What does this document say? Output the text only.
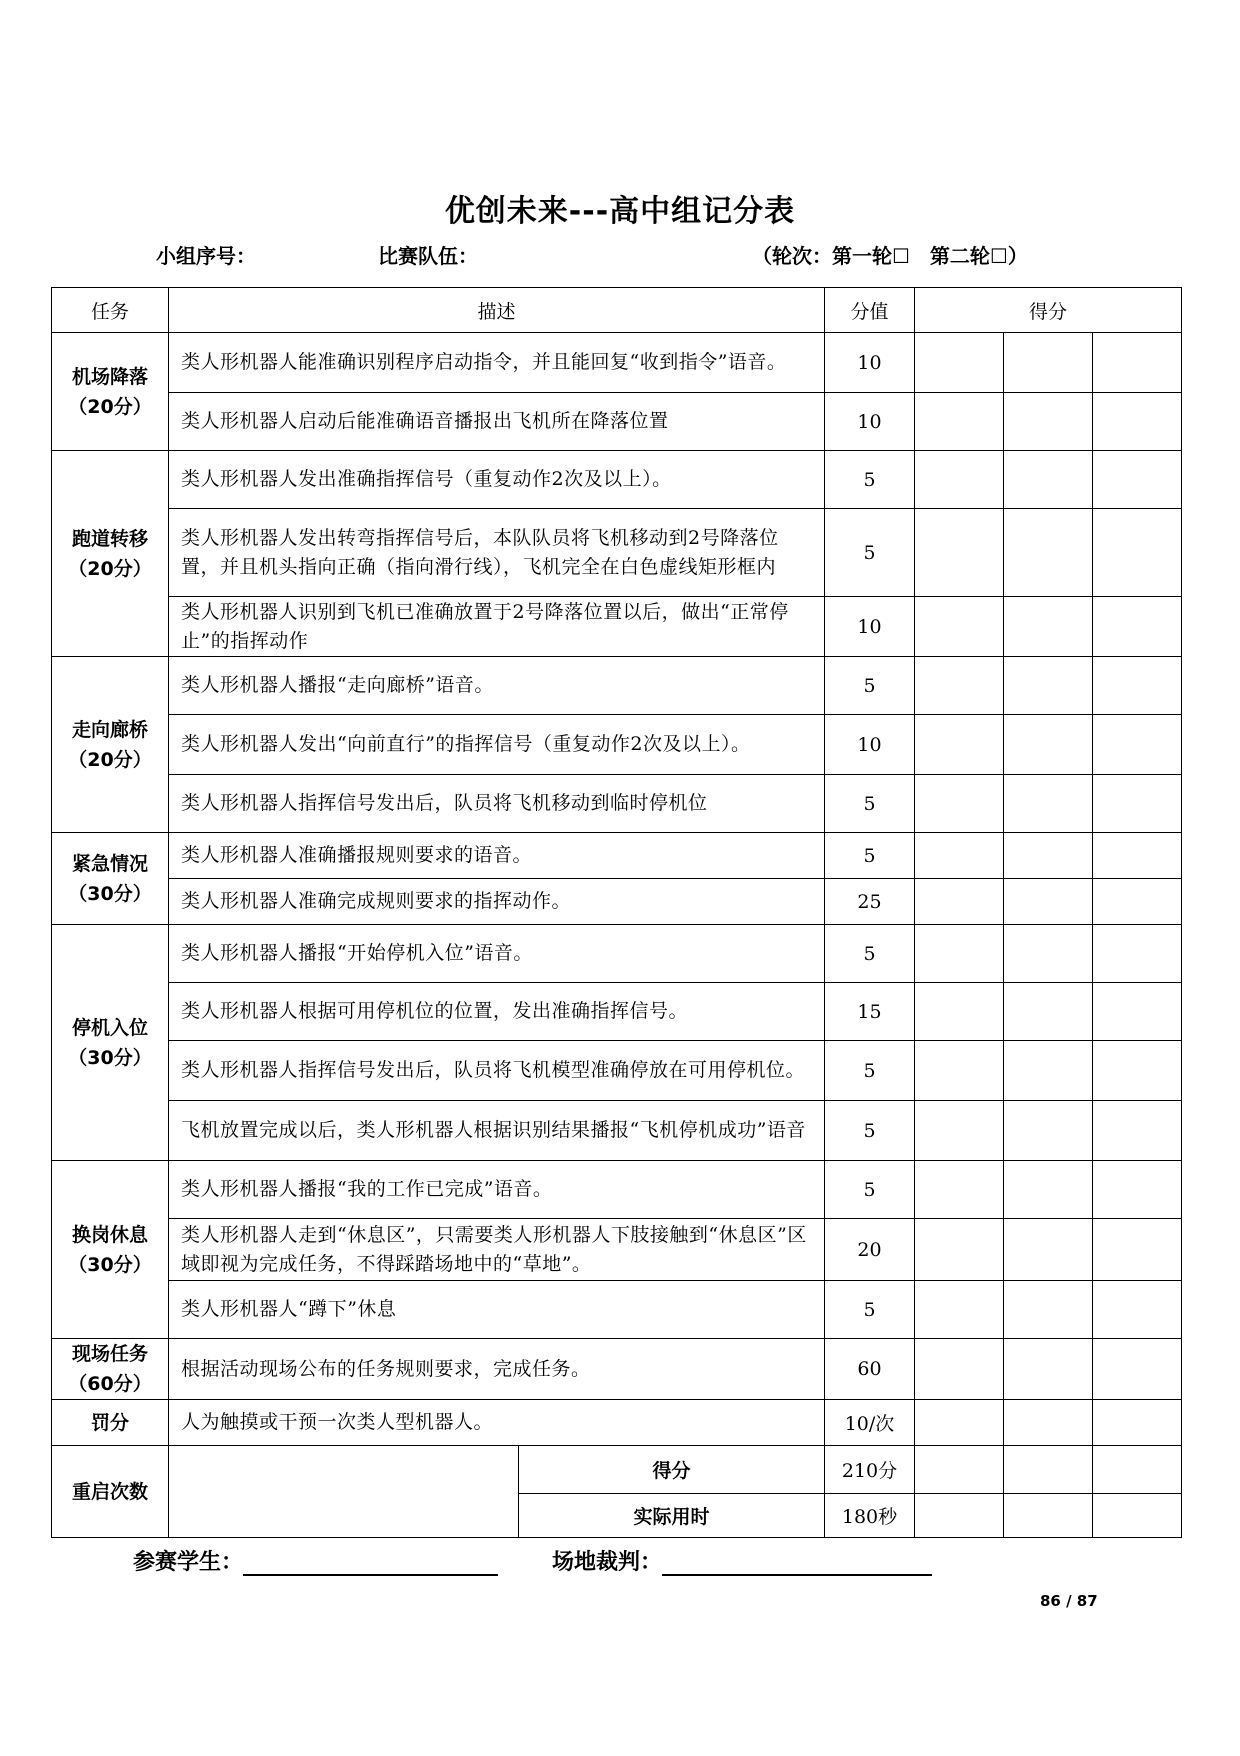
优创未来---高中组记分表
小组序号：	比赛队伍：	（轮次：第一轮☐　第二轮☐）
任务	描述		分值	得分		

机场降落
（20分）	类人形机器人能准确识别程序启动指令，并且能回复“收到指令”语音。		10			
	类人形机器人启动后能准确语音播报出飞机所在降落位置		10			

跑道转移
（20分）	类人形机器人发出准确指挥信号（重复动作2次及以上）。		5			
	类人形机器人发出转弯指挥信号后，本队队员将飞机移动到2号降落位置，并且机头指向正确（指向滑行线），飞机完全在白色虚线矩形框内		5			
	类人形机器人识别到飞机已准确放置于2号降落位置以后，做出“正常停止”的指挥动作		10			

走向廊桥
（20分）	类人形机器人播报“走向廊桥”语音。		5			
	类人形机器人发出“向前直行”的指挥信号（重复动作2次及以上）。		10			
	类人形机器人指挥信号发出后，队员将飞机移动到临时停机位		5			

紧急情况
（30分）	类人形机器人准确播报规则要求的语音。		5			
	类人形机器人准确完成规则要求的指挥动作。		25			

停机入位
（30分）	类人形机器人播报“开始停机入位”语音。		5			
	类人形机器人根据可用停机位的位置，发出准确指挥信号。		15			
	类人形机器人指挥信号发出后，队员将飞机模型准确停放在可用停机位。		5			
	飞机放置完成以后，类人形机器人根据识别结果播报“飞机停机成功”语音		5			

换岗休息
（30分）	类人形机器人播报“我的工作已完成”语音。		5			
	类人形机器人走到“休息区”，只需要类人形机器人下肢接触到“休息区”区域即视为完成任务，不得踩踏场地中的“草地”。		20			
	类人形机器人“蹲下”休息		5			

现场任务
（60分）	根据活动现场公布的任务规则要求，完成任务。		60			

罚分	人为触摸或干预一次类人型机器人。		10/次			
重启次数		得分	210分			
		实际用时	180秒			
参赛学生：	场地裁判：
86 / 87
